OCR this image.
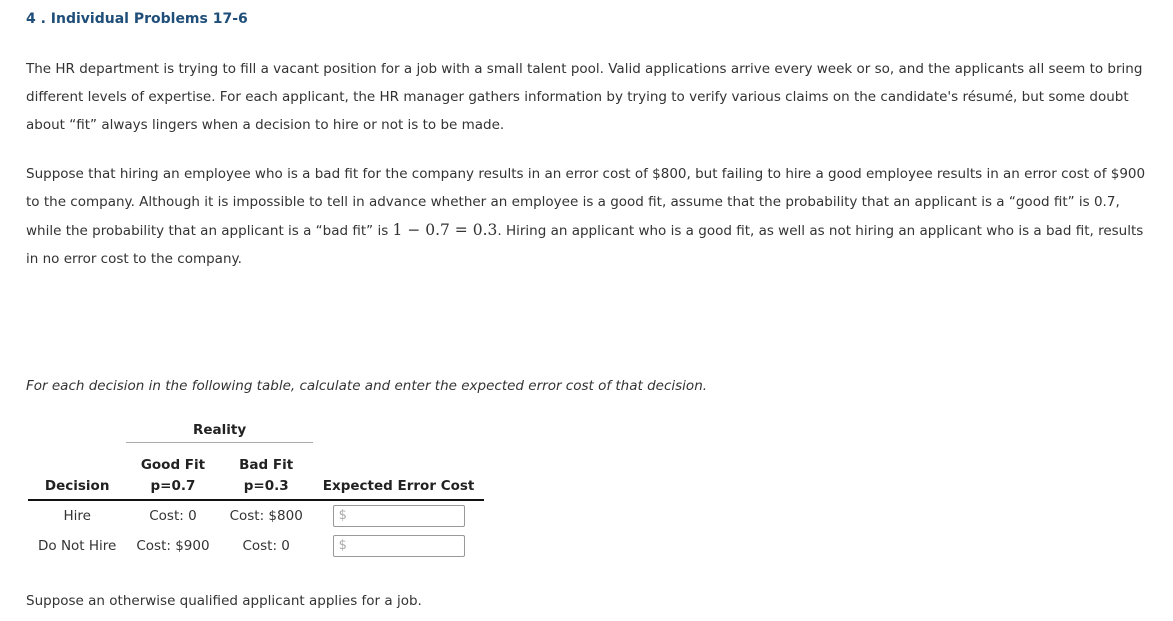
4 . Individual Problems 17-6

The HR department is trying to fill a vacant position for a job with a small talent pool. Valid applications arrive every week or so, and the applicants all seem to bring different levels of expertise. For each applicant, the HR manager gathers information by trying to verify various claims on the candidate's résumé, but some doubt about “fit” always lingers when a decision to hire or not is to be made.

Suppose that hiring an employee who is a bad fit for the company results in an error cost of $800, but failing to hire a good employee results in an error cost of $900 to the company. Although it is impossible to tell in advance whether an employee is a good fit, assume that the probability that an applicant is a “good fit” is 0.7, while the probability that an applicant is a “bad fit” is 1 − 0.7 = 0.3. Hiring an applicant who is a good fit, as well as not hiring an applicant who is a bad fit, results in no error cost to the company.

For each decision in the following table, calculate and enter the expected error cost of that decision.
	Reality		
	Good Fit	Bad Fit	
Decision	p=0.7	p=0.3	Expected Error Cost
Hire	Cost: 0	Cost: $800	$
Do Not Hire	Cost: $900	Cost: 0	$
Suppose an otherwise qualified applicant applies for a job.
